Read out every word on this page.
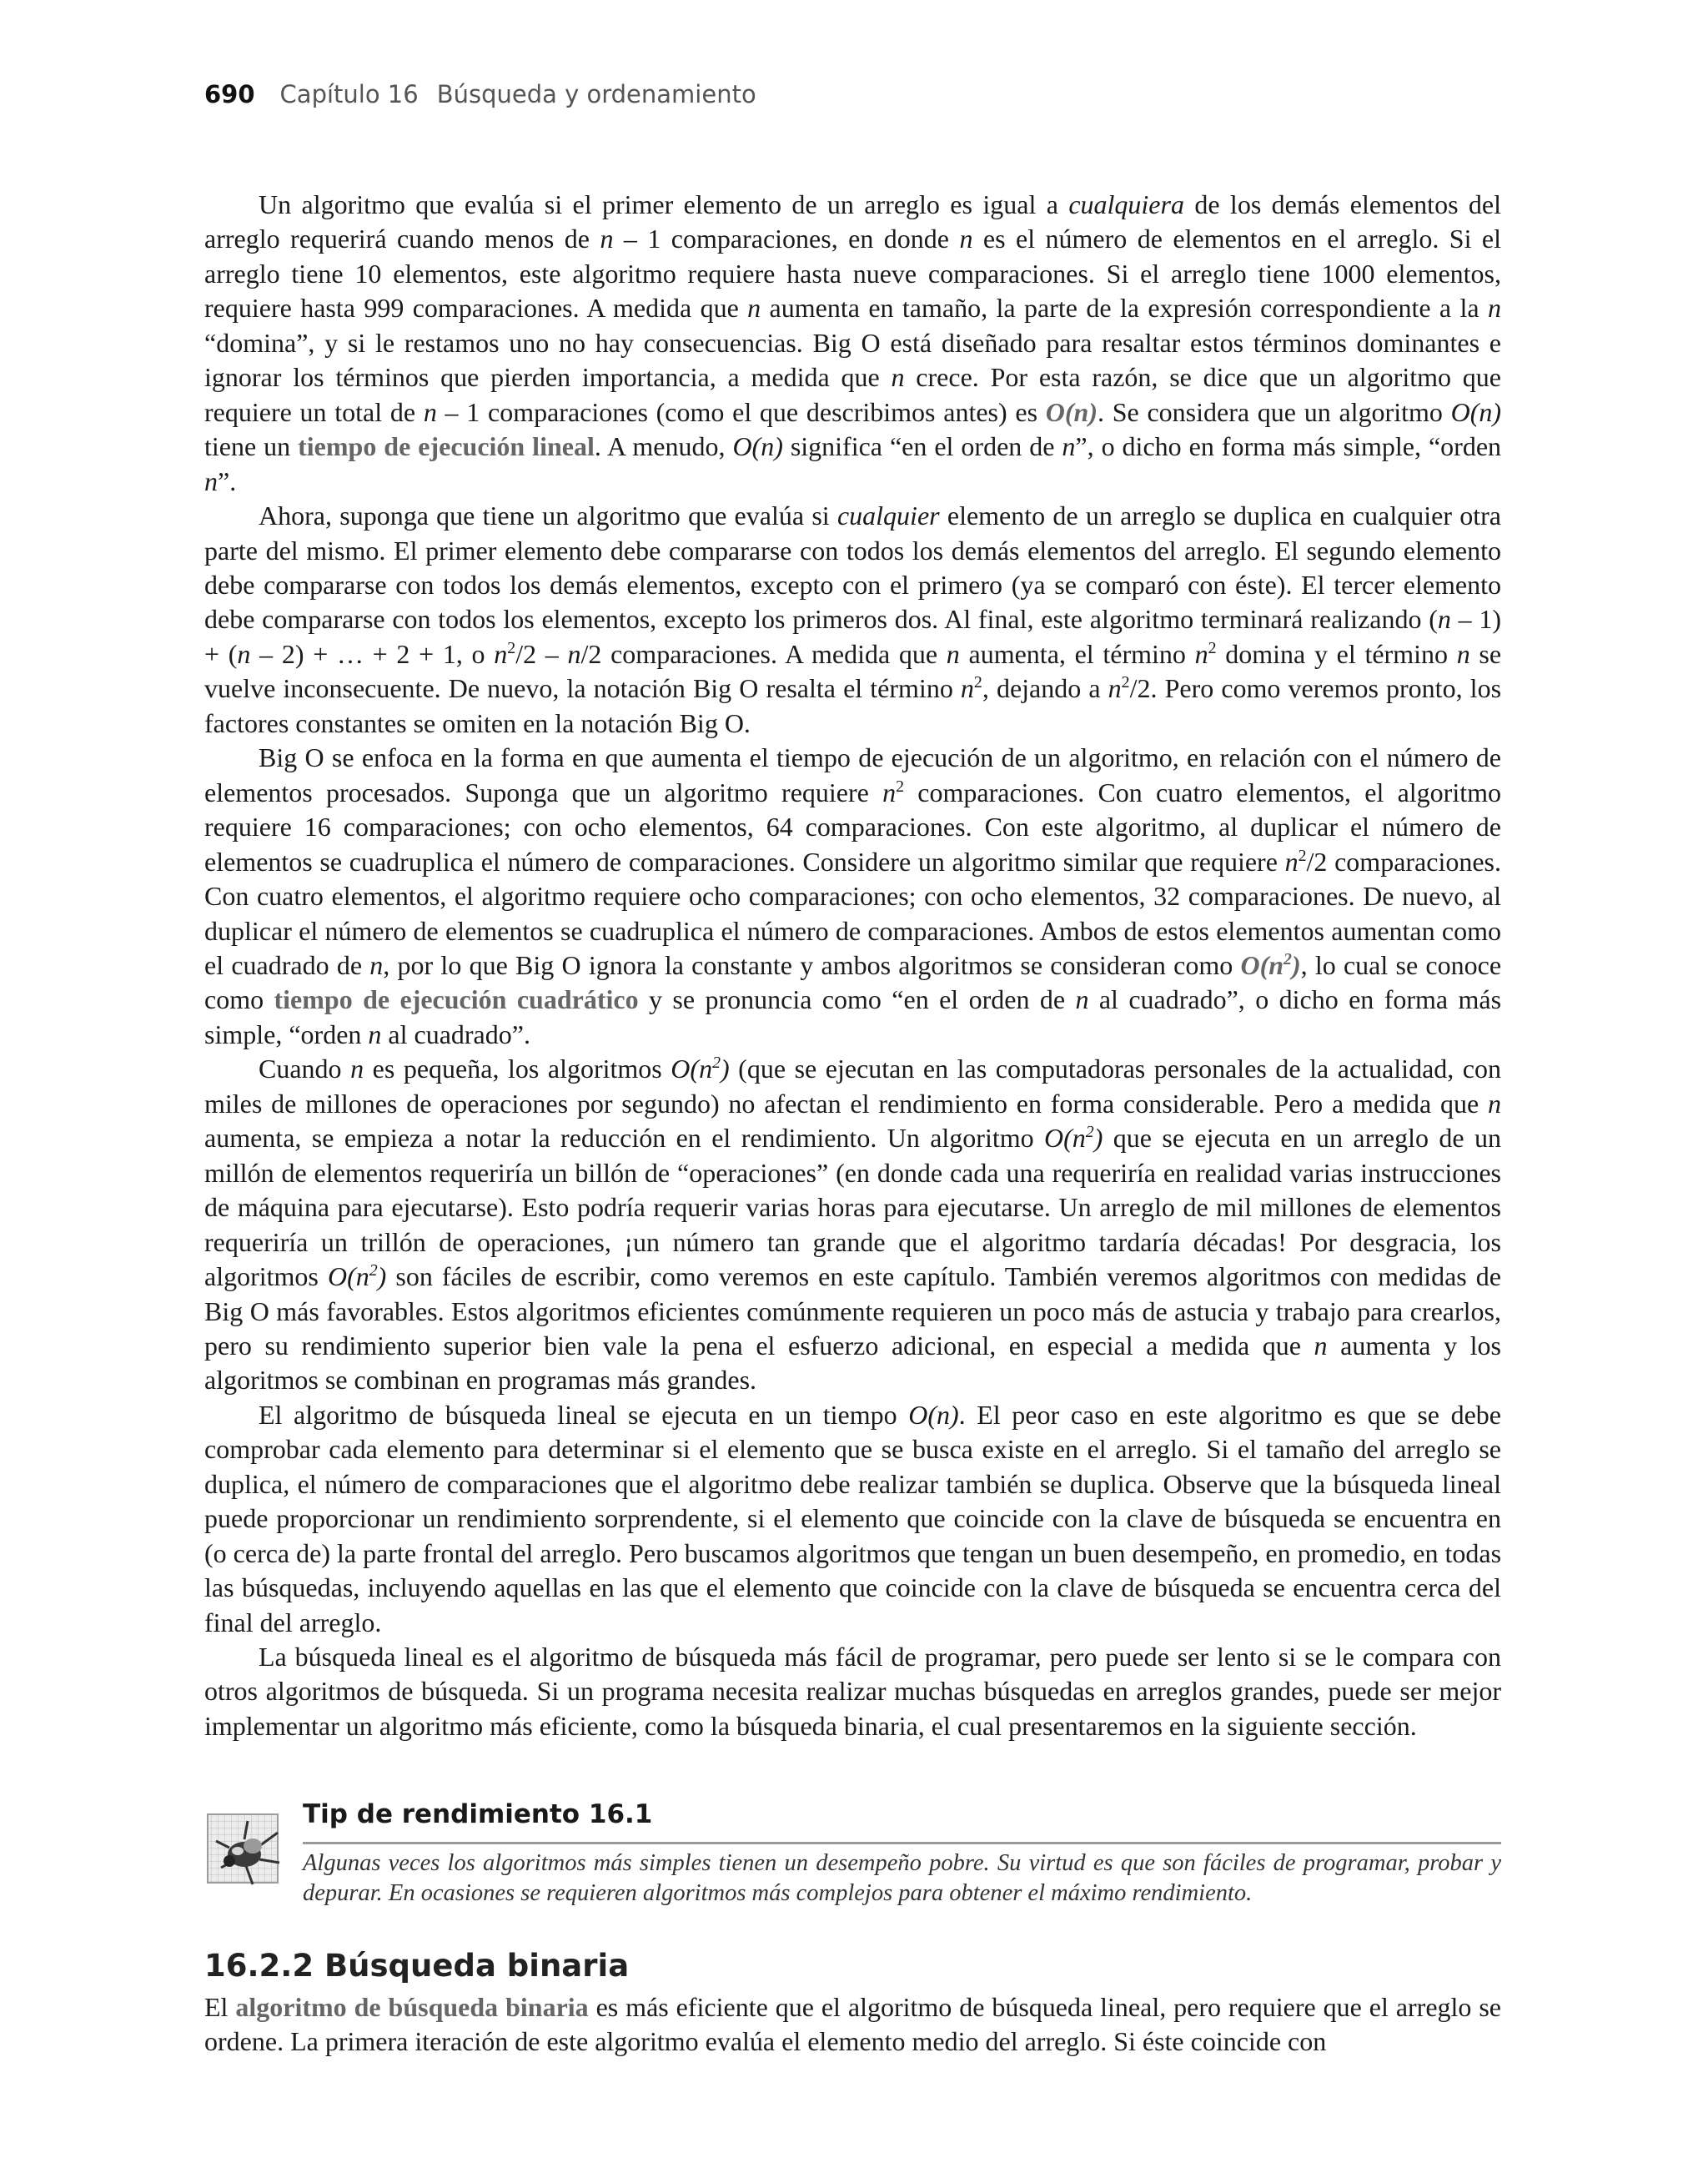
690 Capítulo 16 Búsqueda y ordenamiento

Un algoritmo que evalúa si el primer elemento de un arreglo es igual a cualquiera de los demás elementos del arreglo requerirá cuando menos de n – 1 comparaciones, en donde n es el número de elementos en el arreglo. Si el arreglo tiene 10 elementos, este algoritmo requiere hasta nueve comparaciones. Si el arreglo tiene 1000 elementos, requiere hasta 999 comparaciones. A medida que n aumenta en tamaño, la parte de la expresión correspondiente a la n “domina”, y si le restamos uno no hay consecuencias. Big O está diseñado para resaltar estos términos dominantes e ignorar los términos que pierden importancia, a medida que n crece. Por esta razón, se dice que un algoritmo que requiere un total de n – 1 comparaciones (como el que describimos antes) es O(n). Se considera que un algoritmo O(n) tiene un tiempo de ejecución lineal. A menudo, O(n) significa “en el orden de n”, o dicho en forma más simple, “orden n”.

Ahora, suponga que tiene un algoritmo que evalúa si cualquier elemento de un arreglo se duplica en cualquier otra parte del mismo. El primer elemento debe compararse con todos los demás elementos del arreglo. El segundo elemento debe compararse con todos los demás elementos, excepto con el primero (ya se comparó con éste). El tercer elemento debe compararse con todos los elementos, excepto los primeros dos. Al final, este algoritmo terminará realizando (n – 1) + (n – 2) + … + 2 + 1, o $n^2/2 - n/2$ comparaciones. A medida que n aumenta, el término $n^2$ domina y el término n se vuelve inconsecuente. De nuevo, la notación Big O resalta el término $n^2$, dejando a $n^2/2$. Pero como veremos pronto, los factores constantes se omiten en la notación Big O.

Big O se enfoca en la forma en que aumenta el tiempo de ejecución de un algoritmo, en relación con el número de elementos procesados. Suponga que un algoritmo requiere $n^2$ comparaciones. Con cuatro elementos, el algoritmo requiere 16 comparaciones; con ocho elementos, 64 comparaciones. Con este algoritmo, al duplicar el número de elementos se cuadruplica el número de comparaciones. Considere un algoritmo similar que requiere $n^2/2$ comparaciones. Con cuatro elementos, el algoritmo requiere ocho comparaciones; con ocho elementos, 32 comparaciones. De nuevo, al duplicar el número de elementos se cuadruplica el número de comparaciones. Ambos de estos elementos aumentan como el cuadrado de n, por lo que Big O ignora la constante y ambos algoritmos se consideran como $O(n^2)$, lo cual se conoce como tiempo de ejecución cuadrático y se pronuncia como “en el orden de n al cuadrado”, o dicho en forma más simple, “orden n al cuadrado”.

Cuando n es pequeña, los algoritmos $O(n^2)$ (que se ejecutan en las computadoras personales de la actualidad, con miles de millones de operaciones por segundo) no afectan el rendimiento en forma considerable. Pero a medida que n aumenta, se empieza a notar la reducción en el rendimiento. Un algoritmo $O(n^2)$ que se ejecuta en un arreglo de un millón de elementos requeriría un billón de “operaciones” (en donde cada una requeriría en realidad varias instrucciones de máquina para ejecutarse). Esto podría requerir varias horas para ejecutarse. Un arreglo de mil millones de elementos requeriría un trillón de operaciones, ¡un número tan grande que el algoritmo tardaría décadas! Por desgracia, los algoritmos $O(n^2)$ son fáciles de escribir, como veremos en este capítulo. También veremos algoritmos con medidas de Big O más favorables. Estos algoritmos eficientes comúnmente requieren un poco más de astucia y trabajo para crearlos, pero su rendimiento superior bien vale la pena el esfuerzo adicional, en especial a medida que n aumenta y los algoritmos se combinan en programas más grandes.

El algoritmo de búsqueda lineal se ejecuta en un tiempo O(n). El peor caso en este algoritmo es que se debe comprobar cada elemento para determinar si el elemento que se busca existe en el arreglo. Si el tamaño del arreglo se duplica, el número de comparaciones que el algoritmo debe realizar también se duplica. Observe que la búsqueda lineal puede proporcionar un rendimiento sorprendente, si el elemento que coincide con la clave de búsqueda se encuentra en (o cerca de) la parte frontal del arreglo. Pero buscamos algoritmos que tengan un buen desempeño, en promedio, en todas las búsquedas, incluyendo aquellas en las que el elemento que coincide con la clave de búsqueda se encuentra cerca del final del arreglo.

La búsqueda lineal es el algoritmo de búsqueda más fácil de programar, pero puede ser lento si se le compara con otros algoritmos de búsqueda. Si un programa necesita realizar muchas búsquedas en arreglos grandes, puede ser mejor implementar un algoritmo más eficiente, como la búsqueda binaria, el cual presentaremos en la siguiente sección.

Tip de rendimiento 16.1
Algunas veces los algoritmos más simples tienen un desempeño pobre. Su virtud es que son fáciles de programar, probar y depurar. En ocasiones se requieren algoritmos más complejos para obtener el máximo rendimiento.
16.2.2 Búsqueda binaria

El algoritmo de búsqueda binaria es más eficiente que el algoritmo de búsqueda lineal, pero requiere que el arreglo se ordene. La primera iteración de este algoritmo evalúa el elemento medio del arreglo. Si éste coincide con
